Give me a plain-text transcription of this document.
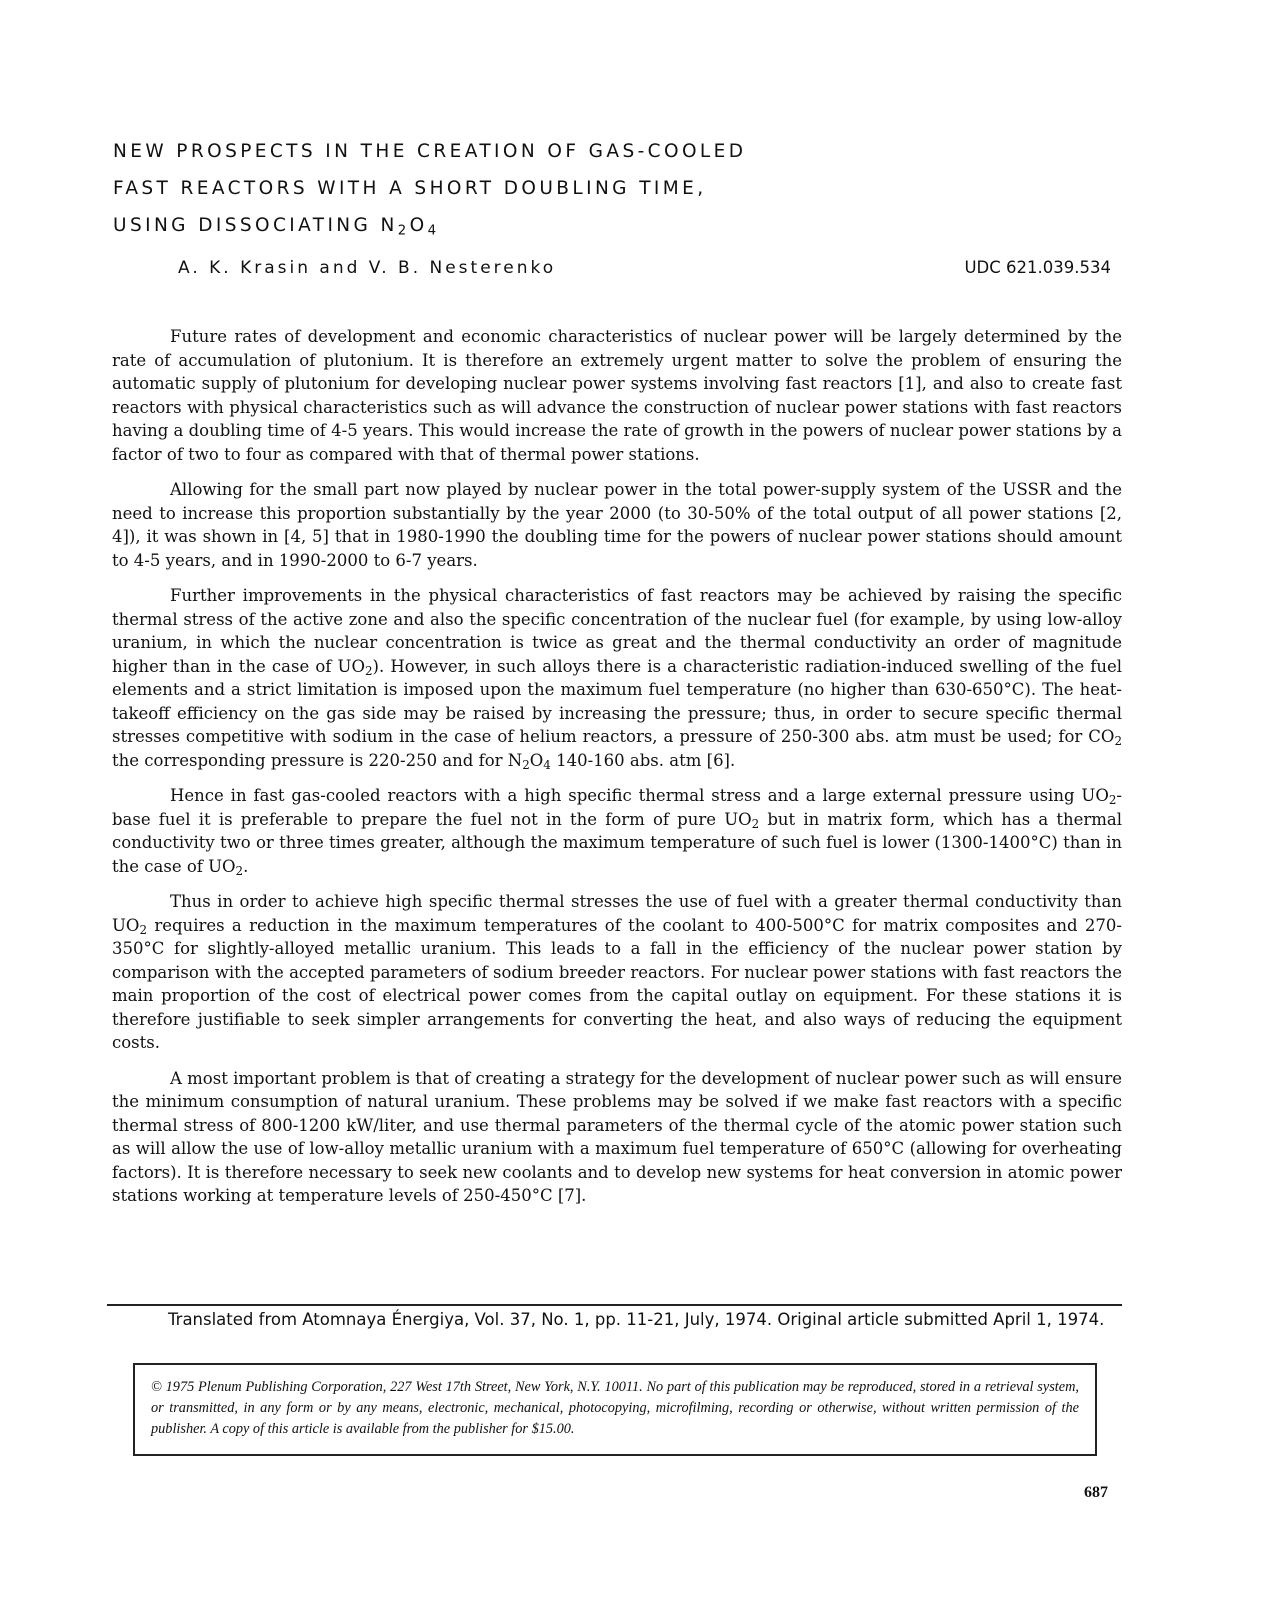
NEW PROSPECTS IN THE CREATION OF GAS-COOLED
FAST REACTORS WITH A SHORT DOUBLING TIME,
USING DISSOCIATING $N_2O_4$
A. K. Krasin and V. B. Nesterenko	UDC 621.039.534

Future rates of development and economic characteristics of nuclear power will be largely determined by the rate of accumulation of plutonium. It is therefore an extremely urgent matter to solve the problem of ensuring the automatic supply of plutonium for developing nuclear power systems involving fast reactors [1], and also to create fast reactors with physical characteristics such as will advance the construction of nuclear power stations with fast reactors having a doubling time of 4-5 years. This would increase the rate of growth in the powers of nuclear power stations by a factor of two to four as compared with that of thermal power stations.

Allowing for the small part now played by nuclear power in the total power-supply system of the USSR and the need to increase this proportion substantially by the year 2000 (to 30-50% of the total output of all power stations [2, 4]), it was shown in [4, 5] that in 1980-1990 the doubling time for the powers of nuclear power stations should amount to 4-5 years, and in 1990-2000 to 6-7 years.

Further improvements in the physical characteristics of fast reactors may be achieved by raising the specific thermal stress of the active zone and also the specific concentration of the nuclear fuel (for example, by using low-alloy uranium, in which the nuclear concentration is twice as great and the thermal conductivity an order of magnitude higher than in the case of $UO_2$). However, in such alloys there is a characteristic radiation-induced swelling of the fuel elements and a strict limitation is imposed upon the maximum fuel temperature (no higher than 630-650°C). The heat-takeoff efficiency on the gas side may be raised by increasing the pressure; thus, in order to secure specific thermal stresses competitive with sodium in the case of helium reactors, a pressure of 250-300 abs. atm must be used; for $CO_2$ the corresponding pressure is 220-250 and for $N_2O_4$ 140-160 abs. atm [6].

Hence in fast gas-cooled reactors with a high specific thermal stress and a large external pressure using $UO_2$-base fuel it is preferable to prepare the fuel not in the form of pure $UO_2$ but in matrix form, which has a thermal conductivity two or three times greater, although the maximum temperature of such fuel is lower (1300-1400°C) than in the case of $UO_2$.

Thus in order to achieve high specific thermal stresses the use of fuel with a greater thermal conductivity than $UO_2$ requires a reduction in the maximum temperatures of the coolant to 400-500°C for matrix composites and 270-350°C for slightly-alloyed metallic uranium. This leads to a fall in the efficiency of the nuclear power station by comparison with the accepted parameters of sodium breeder reactors. For nuclear power stations with fast reactors the main proportion of the cost of electrical power comes from the capital outlay on equipment. For these stations it is therefore justifiable to seek simpler arrangements for converting the heat, and also ways of reducing the equipment costs.

A most important problem is that of creating a strategy for the development of nuclear power such as will ensure the minimum consumption of natural uranium. These problems may be solved if we make fast reactors with a specific thermal stress of 800-1200 kW/liter, and use thermal parameters of the thermal cycle of the atomic power station such as will allow the use of low-alloy metallic uranium with a maximum fuel temperature of 650°C (allowing for overheating factors). It is therefore necessary to seek new coolants and to develop new systems for heat conversion in atomic power stations working at temperature levels of 250-450°C [7].

Translated from Atomnaya Énergiya, Vol. 37, No. 1, pp. 11-21, July, 1974. Original article submitted April 1, 1974.
© 1975 Plenum Publishing Corporation, 227 West 17th Street, New York, N.Y. 10011. No part of this publication may be reproduced, stored in a retrieval system, or transmitted, in any form or by any means, electronic, mechanical, photocopying, microfilming, recording or otherwise, without written permission of the publisher. A copy of this article is available from the publisher for $15.00.
687
